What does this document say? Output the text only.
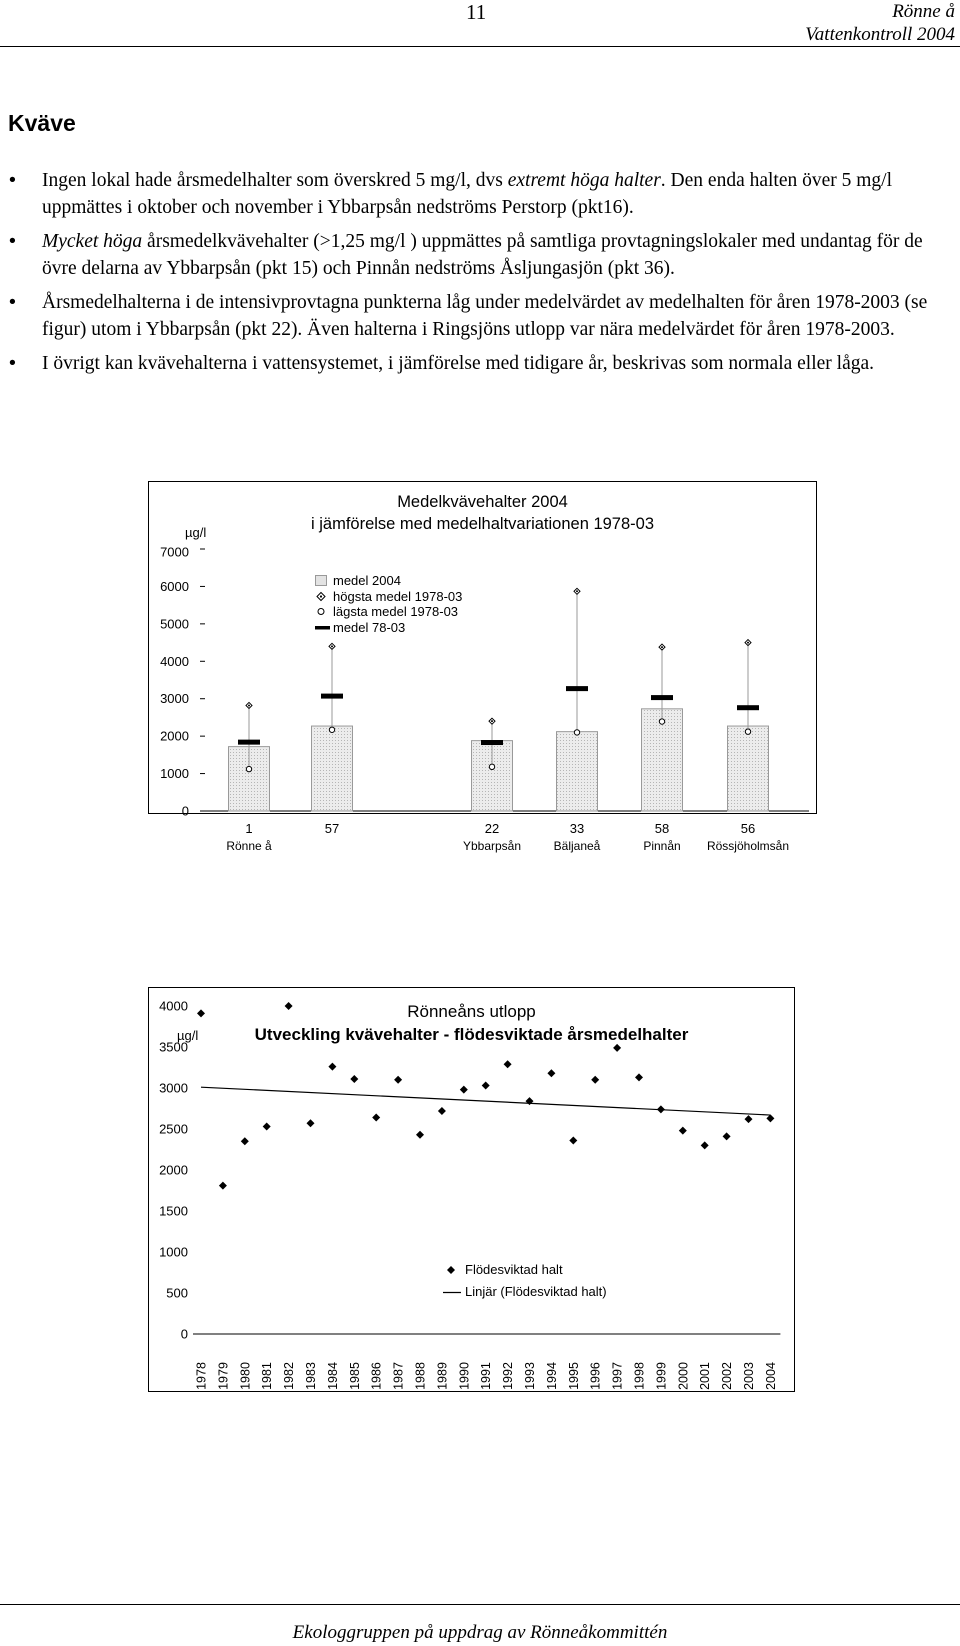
11	Rönne å
Vattenkontroll 2004
Kväve
• Ingen lokal hade årsmedelhalter som överskred 5 mg/l, dvs extremt höga halter. Den enda halten över 5 mg/l uppmättes i oktober och november i Ybbarpsån nedströms Perstorp (pkt16).
• Mycket höga årsmedelkvävehalter (>1,25 mg/l ) uppmättes på samtliga provtagningslokaler med undantag för de övre delarna av Ybbarpsån (pkt 15) och Pinnån nedströms Åsljungasjön (pkt 36).
• Årsmedelhalterna i de intensivprovtagna punkterna låg under medelvärdet av medelhalten för åren 1978-2003 (se figur) utom i Ybbarpsån (pkt 22). Även halterna i Ringsjöns utlopp var nära medelvärdet för åren 1978-2003.
• I övrigt kan kvävehalterna i vattensystemet, i jämförelse med tidigare år, beskrivas som normala eller låga.
Medelkvävehalter 2004
i jämförelse med medelhaltvariationen 1978-03
µg/l
medel 2004
högsta medel 1978-03
lägsta medel 1978-03
medel 78-03
0
1000
2000
3000
4000
5000
6000
7000
1
Rönne å
57	22
Ybbarpsån
33
Bäljaneå
58
Pinnån
56
Rössjöholmsån
Rönneåns utlopp
Utveckling kvävehalter - flödesviktade årsmedelhalter
µg/l
Flödesviktad halt
Linjär (Flödesviktad halt)
0
500
1000
1500
2000
2500
3000
3500
4000
1978 1979 1980 1981 1982 1983 1984 1985 1986 1987 1988 1989 1990 1991 1992 1993 1994 1995 1996 1997 1998 1999 2000 2001 2002 2003 2004
Ekologgruppen på uppdrag av Rönneåkommittén
